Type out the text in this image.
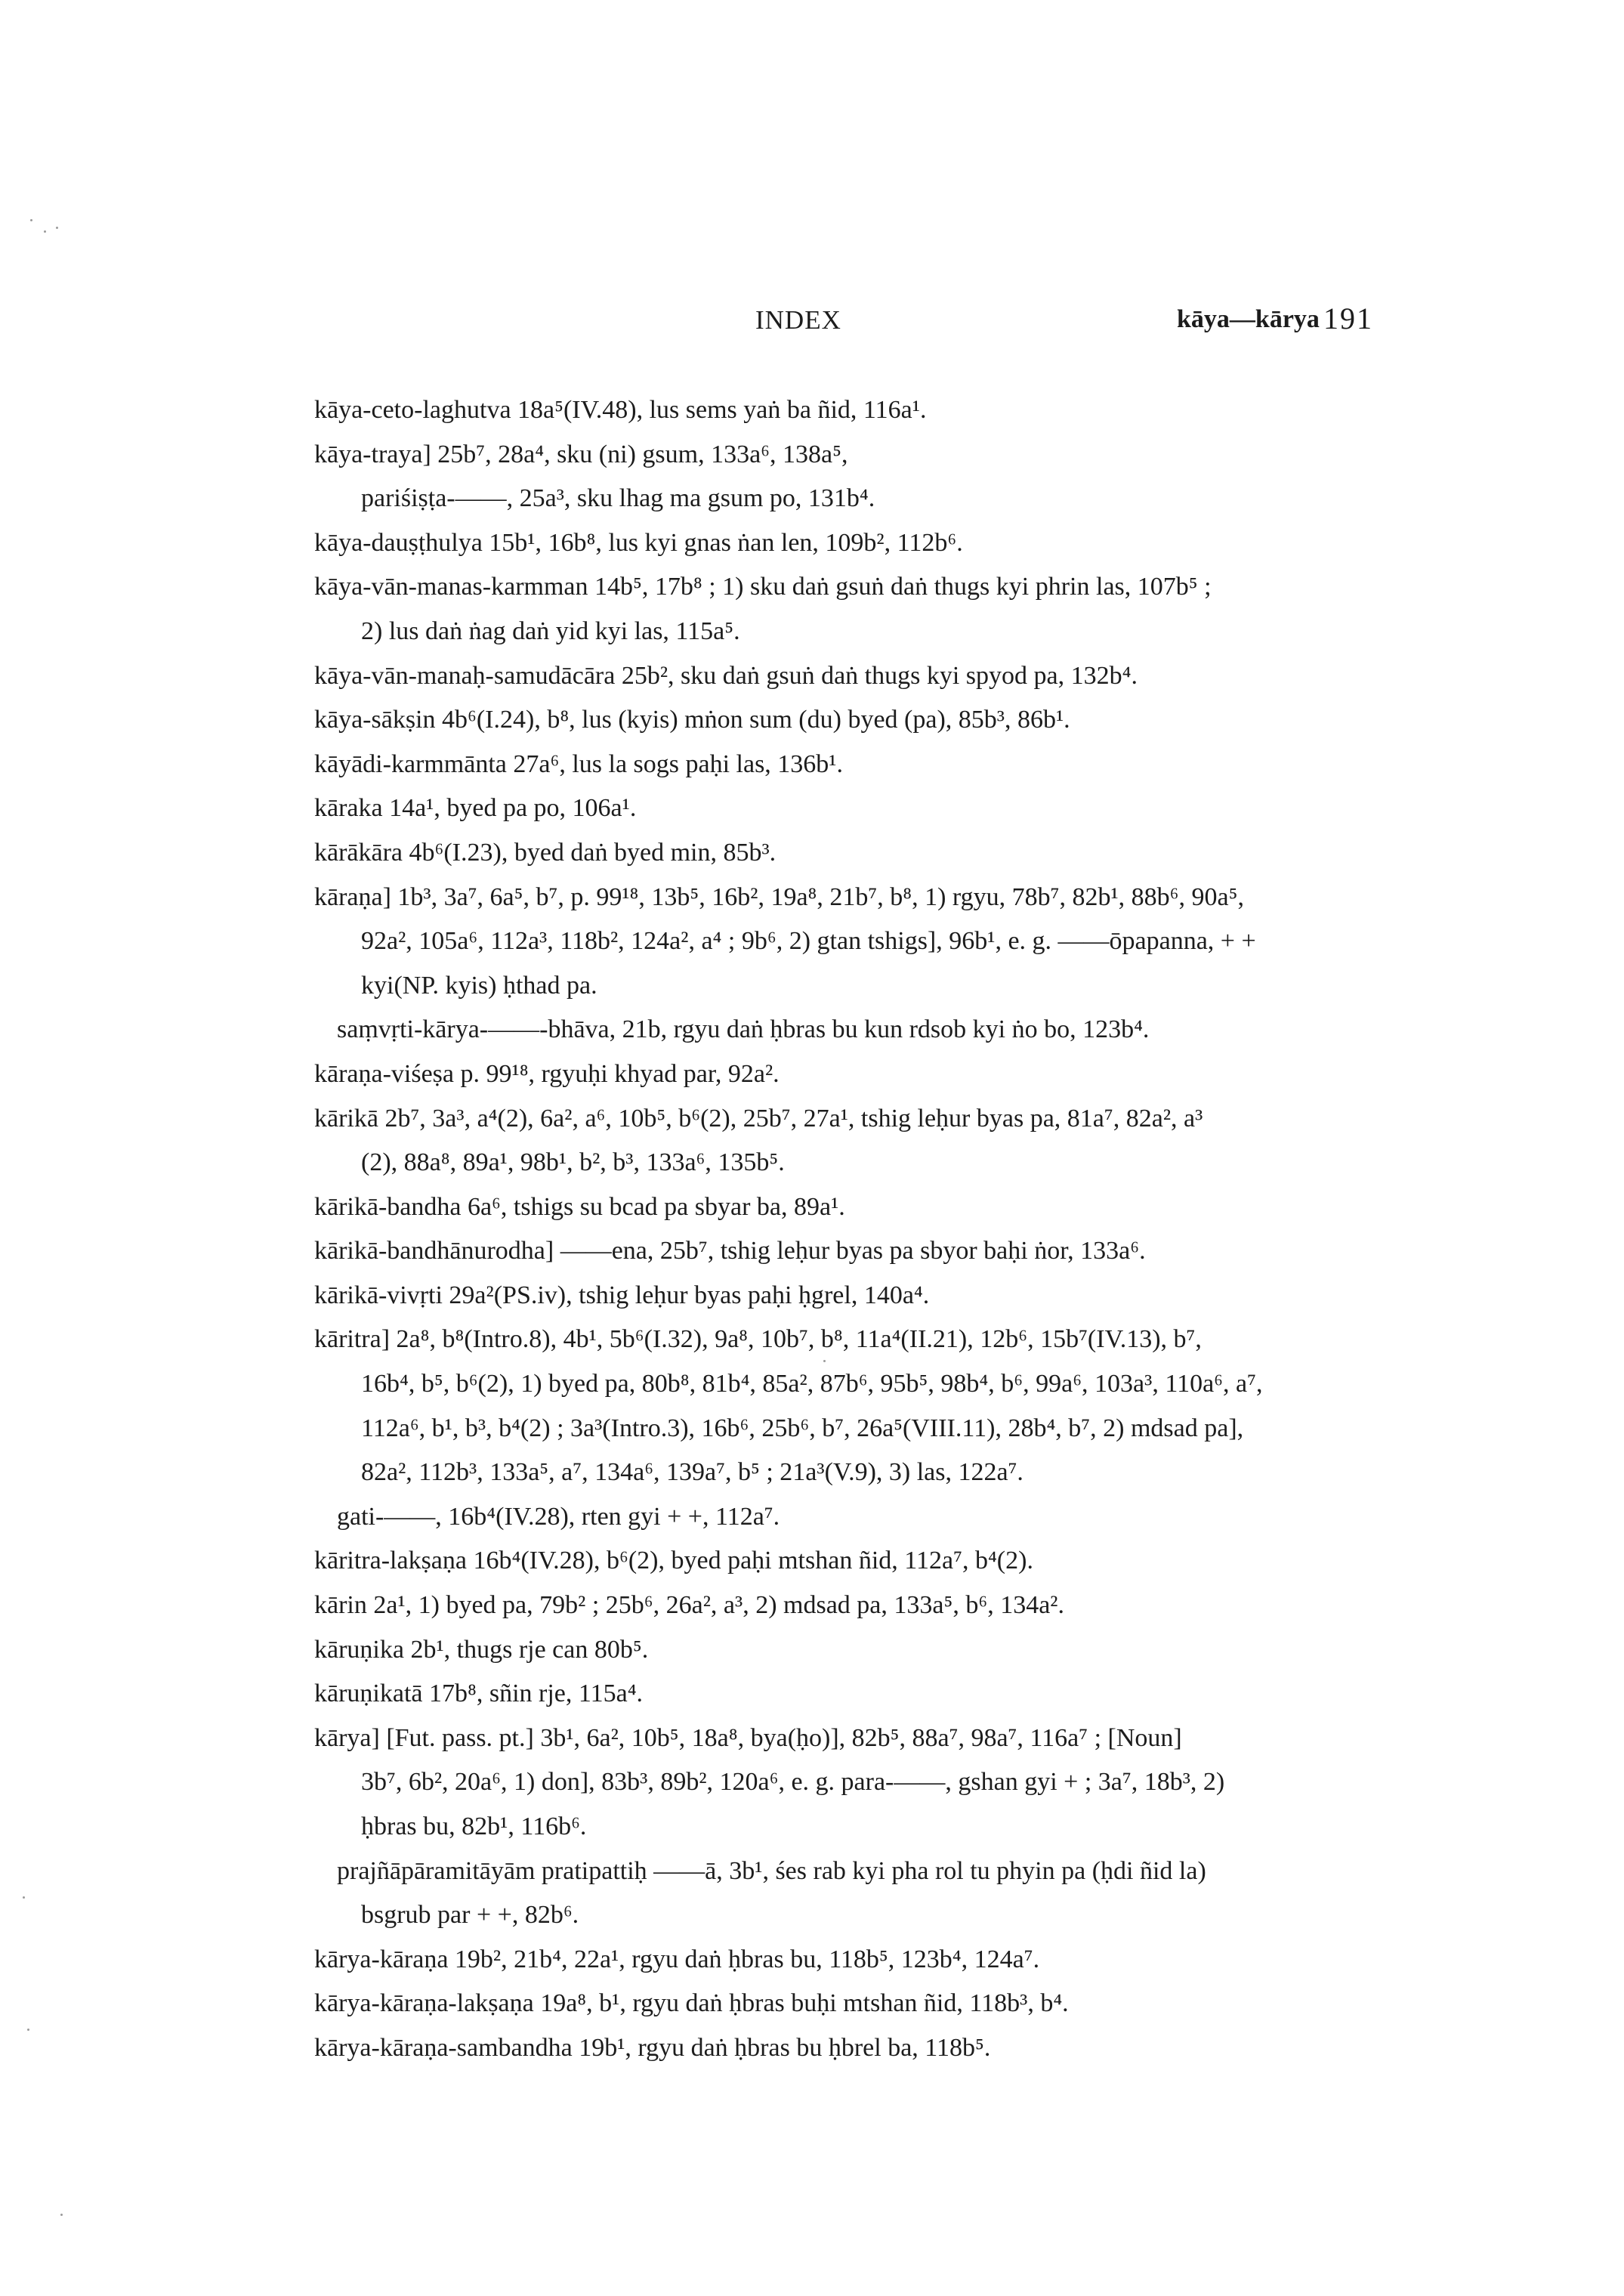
INDEX	kāya—kārya 191
kāya-ceto-laghutva 18a⁵(IV.48), lus sems yaṅ ba ñid, 116a¹.
kāya-traya] 25b⁷, 28a⁴, sku (ni) gsum, 133a⁶, 138a⁵,
pariśiṣṭa-——, 25a³, sku lhag ma gsum po, 131b⁴.
kāya-dauṣṭhulya 15b¹, 16b⁸, lus kyi gnas ṅan len, 109b², 112b⁶.
kāya-vān-manas-karmman 14b⁵, 17b⁸ ; 1) sku daṅ gsuṅ daṅ thugs kyi phrin las, 107b⁵ ;
2) lus daṅ ṅag daṅ yid kyi las, 115a⁵.
kāya-vān-manaḥ-samudācāra 25b², sku daṅ gsuṅ daṅ thugs kyi spyod pa, 132b⁴.
kāya-sākṣin 4b⁶(I.24), b⁸, lus (kyis) mṅon sum (du) byed (pa), 85b³, 86b¹.
kāyādi-karmmānta 27a⁶, lus la sogs paḥi las, 136b¹.
kāraka 14a¹, byed pa po, 106a¹.
kārākāra 4b⁶(I.23), byed daṅ byed min, 85b³.
kāraṇa] 1b³, 3a⁷, 6a⁵, b⁷, p. 99¹⁸, 13b⁵, 16b², 19a⁸, 21b⁷, b⁸, 1) rgyu, 78b⁷, 82b¹, 88b⁶, 90a⁵,
92a², 105a⁶, 112a³, 118b², 124a², a⁴ ; 9b⁶, 2) gtan tshigs], 96b¹, e. g. ——ōpapanna, + +
kyi(NP. kyis) ḥthad pa.
saṃvṛti-kārya-——-bhāva, 21b, rgyu daṅ ḥbras bu kun rdsob kyi ṅo bo, 123b⁴.
kāraṇa-viśeṣa p. 99¹⁸, rgyuḥi khyad par, 92a².
kārikā 2b⁷, 3a³, a⁴(2), 6a², a⁶, 10b⁵, b⁶(2), 25b⁷, 27a¹, tshig leḥur byas pa, 81a⁷, 82a², a³
(2), 88a⁸, 89a¹, 98b¹, b², b³, 133a⁶, 135b⁵.
kārikā-bandha 6a⁶, tshigs su bcad pa sbyar ba, 89a¹.
kārikā-bandhānurodha] ——ena, 25b⁷, tshig leḥur byas pa sbyor baḥi ṅor, 133a⁶.
kārikā-vivṛti 29a²(PS.iv), tshig leḥur byas paḥi ḥgrel, 140a⁴.
kāritra] 2a⁸, b⁸(Intro.8), 4b¹, 5b⁶(I.32), 9a⁸, 10b⁷, b⁸, 11a⁴(II.21), 12b⁶, 15b⁷(IV.13), b⁷,
16b⁴, b⁵, b⁶(2), 1) byed pa, 80b⁸, 81b⁴, 85a², 87b⁶, 95b⁵, 98b⁴, b⁶, 99a⁶, 103a³, 110a⁶, a⁷,
112a⁶, b¹, b³, b⁴(2) ; 3a³(Intro.3), 16b⁶, 25b⁶, b⁷, 26a⁵(VIII.11), 28b⁴, b⁷, 2) mdsad pa],
82a², 112b³, 133a⁵, a⁷, 134a⁶, 139a⁷, b⁵ ; 21a³(V.9), 3) las, 122a⁷.
gati-——, 16b⁴(IV.28), rten gyi + +, 112a⁷.
kāritra-lakṣaṇa 16b⁴(IV.28), b⁶(2), byed paḥi mtshan ñid, 112a⁷, b⁴(2).
kārin 2a¹, 1) byed pa, 79b² ; 25b⁶, 26a², a³, 2) mdsad pa, 133a⁵, b⁶, 134a².
kāruṇika 2b¹, thugs rje can 80b⁵.
kāruṇikatā 17b⁸, sñin rje, 115a⁴.
kārya] [Fut. pass. pt.] 3b¹, 6a², 10b⁵, 18a⁸, bya(ḥo)], 82b⁵, 88a⁷, 98a⁷, 116a⁷ ; [Noun]
3b⁷, 6b², 20a⁶, 1) don], 83b³, 89b², 120a⁶, e. g. para-——, gshan gyi + ; 3a⁷, 18b³, 2)
ḥbras bu, 82b¹, 116b⁶.
prajñāpāramitāyām pratipattiḥ ——ā, 3b¹, śes rab kyi pha rol tu phyin pa (ḥdi ñid la)
bsgrub par + +, 82b⁶.
kārya-kāraṇa 19b², 21b⁴, 22a¹, rgyu daṅ ḥbras bu, 118b⁵, 123b⁴, 124a⁷.
kārya-kāraṇa-lakṣaṇa 19a⁸, b¹, rgyu daṅ ḥbras buḥi mtshan ñid, 118b³, b⁴.
kārya-kāraṇa-sambandha 19b¹, rgyu daṅ ḥbras bu ḥbrel ba, 118b⁵.
